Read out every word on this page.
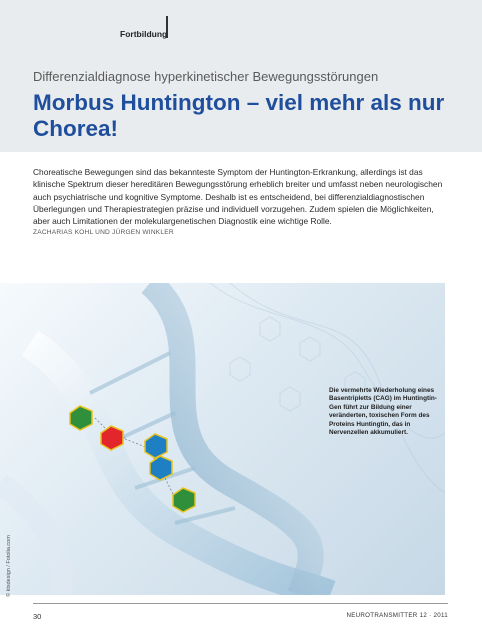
Fortbildung
Differenzialdiagnose hyperkinetischer Bewegungsstörungen
Morbus Huntington – viel mehr als nur Chorea!

Choreatische Bewegungen sind das bekannteste Symptom der Huntington-Erkrankung, allerdings ist das klinische Spektrum dieser hereditären Bewegungsstörung erheblich breiter und umfasst neben neurologischen auch psychiatrische und kognitive Symptome. Deshalb ist es entscheidend, bei differenzialdiagnostischen Überlegungen und Therapiestrategien präzise und individuell vorzugehen. Zudem spielen die Möglichkeiten, aber auch Limitationen der molekulargenetischen Diagnostik eine wichtige Rolle.

ZACHARIAS KOHL UND JÜRGEN WINKLER

Die vermehrte Wiederholung eines Basentripletts (CAG) im Huntingtin-Gen führt zur Bildung einer veränderten, toxischen Form des Proteins Huntingtin, das in Nervenzellen akkumuliert.
© ktsdesign / Fotolia.com
30	NEUROTRANSMITTER 12 · 2011
